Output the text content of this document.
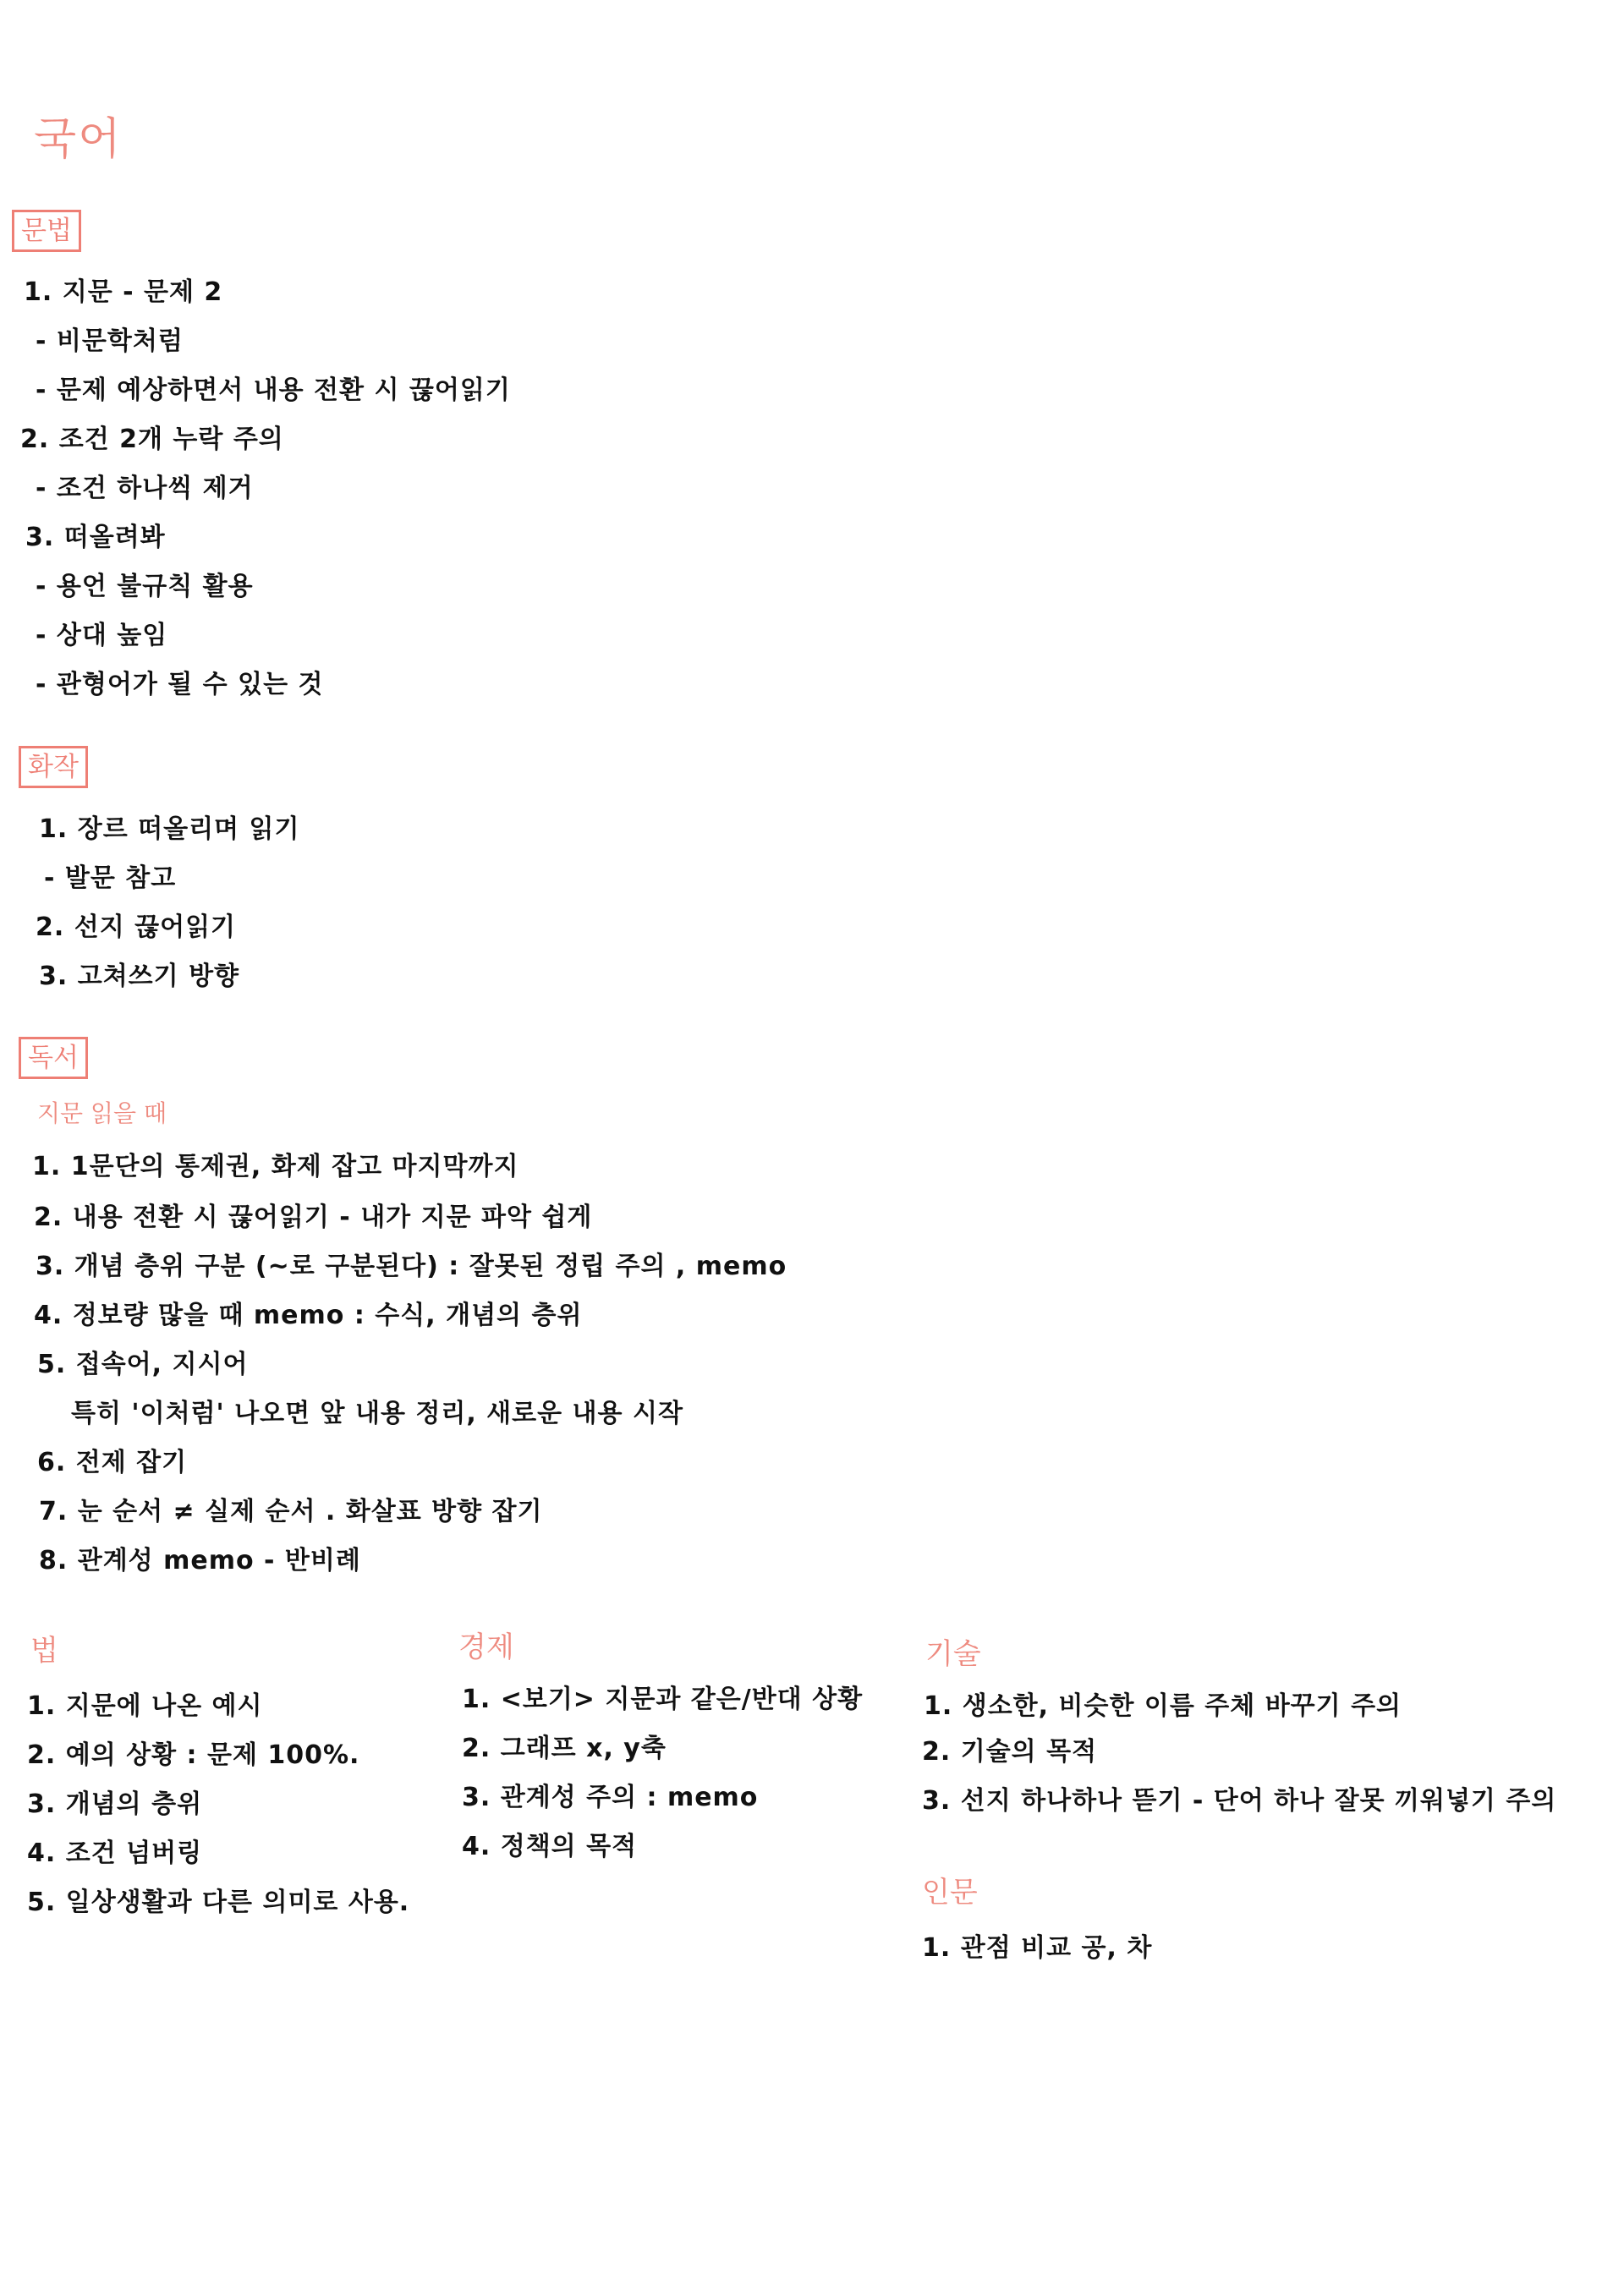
국어
문법
1. 지문 - 문제 2
- 비문학처럼
- 문제 예상하면서 내용 전환 시 끊어읽기
2. 조건 2개 누락 주의
- 조건 하나씩 제거
3. 떠올려봐
- 용언 불규칙 활용
- 상대 높임
- 관형어가 될 수 있는 것
화작
1. 장르 떠올리며 읽기
- 발문 참고
2. 선지 끊어읽기
3. 고쳐쓰기 방향
독서
지문 읽을 때
1. 1문단의 통제권, 화제 잡고 마지막까지
2. 내용 전환 시 끊어읽기 - 내가 지문 파악 쉽게
3. 개념 층위 구분 (~로 구분된다) : 잘못된 정립 주의 , memo
4. 정보량 많을 때 memo : 수식, 개념의 층위
5. 접속어, 지시어
특히 '이처럼' 나오면 앞 내용 정리, 새로운 내용 시작
6. 전제 잡기
7. 눈 순서 ≠ 실제 순서 . 화살표 방향 잡기
8. 관계성 memo - 반비례
법
1. 지문에 나온 예시
2. 예의 상황 : 문제 100%.
3. 개념의 층위
4. 조건 넘버링
5. 일상생활과 다른 의미로 사용.
경제
1. <보기> 지문과 같은/반대 상황
2. 그래프 x, y축
3. 관계성 주의 : memo
4. 정책의 목적
기술
1. 생소한, 비슷한 이름 주체 바꾸기 주의
2. 기술의 목적
3. 선지 하나하나 뜯기 - 단어 하나 잘못 끼워넣기 주의
인문
1. 관점 비교 공, 차
